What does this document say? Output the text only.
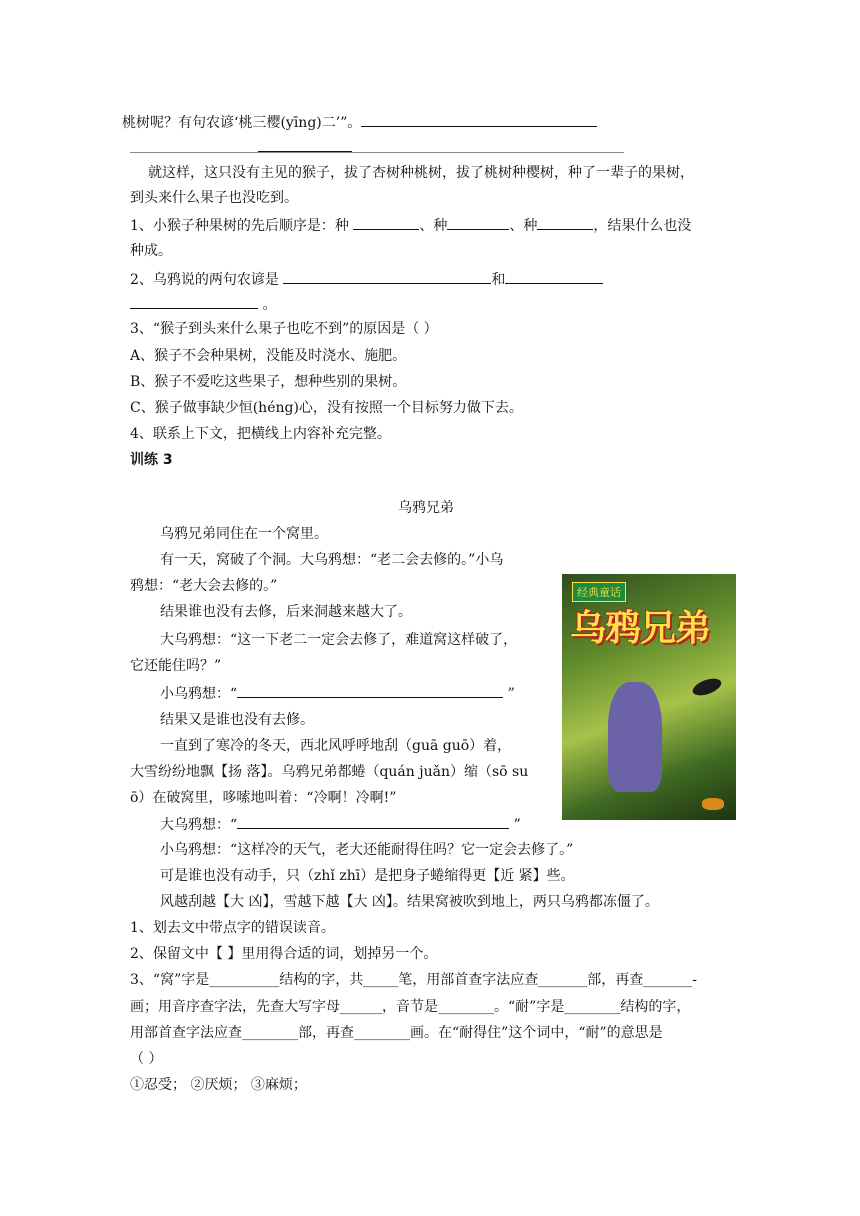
桃树呢？有句农谚‘桃三樱(yīng)二’”。
就这样，这只没有主见的猴子，拔了杏树种桃树，拔了桃树种樱树，种了一辈子的果树，
到头来什么果子也没吃到。
1、小猴子种果树的先后顺序是：种	、种	、种	，结果什么也没
种成。
2、乌鸦说的两句农谚是	和
。
3、“猴子到头来什么果子也吃不到”的原因是（ ）
A、猴子不会种果树，没能及时浇水、施肥。
B、猴子不爱吃这些果子，想种些别的果树。
C、猴子做事缺少恒(héng)心，没有按照一个目标努力做下去。
4、联系上下文，把横线上内容补充完整。
训练 3
乌鸦兄弟
乌鸦兄弟同住在一个窝里。
有一天，窝破了个洞。大乌鸦想：“老二会去修的。”小乌
鸦想：“老大会去修的。”
结果谁也没有去修，后来洞越来越大了。
大乌鸦想：“这一下老二一定会去修了，难道窝这样破了，
它还能住吗？”
小乌鸦想：“	”
结果又是谁也没有去修。
一直到了寒冷的冬天，西北风呼呼地刮（guā guō）着，
大雪纷纷地飘【扬 落】。乌鸦兄弟都蜷（quán juǎn）缩（sō su
ō）在破窝里，哆嗦地叫着：“冷啊！冷啊!”
大乌鸦想：“	”
小乌鸦想：“这样冷的天气，老大还能耐得住吗？它一定会去修了。”
可是谁也没有动手，只（zhǐ zhī）是把身子蜷缩得更【近 紧】些。
风越刮越【大 凶】，雪越下越【大 凶】。结果窝被吹到地上，两只乌鸦都冻僵了。
1、划去文中带点字的错误读音。
2、保留文中【 】里用得合适的词，划掉另一个。
3、“窝”字是__________结构的字，共_____笔，用部首查字法应查_______部，再查_______-
画；用音序查字法，先查大写字母______，音节是________。“耐”字是________结构的字，
用部首查字法应查________部，再查________画。在“耐得住”这个词中，“耐”的意思是
（ ）
①忍受； ②厌烦； ③麻烦；
经典童话
乌鸦兄弟
